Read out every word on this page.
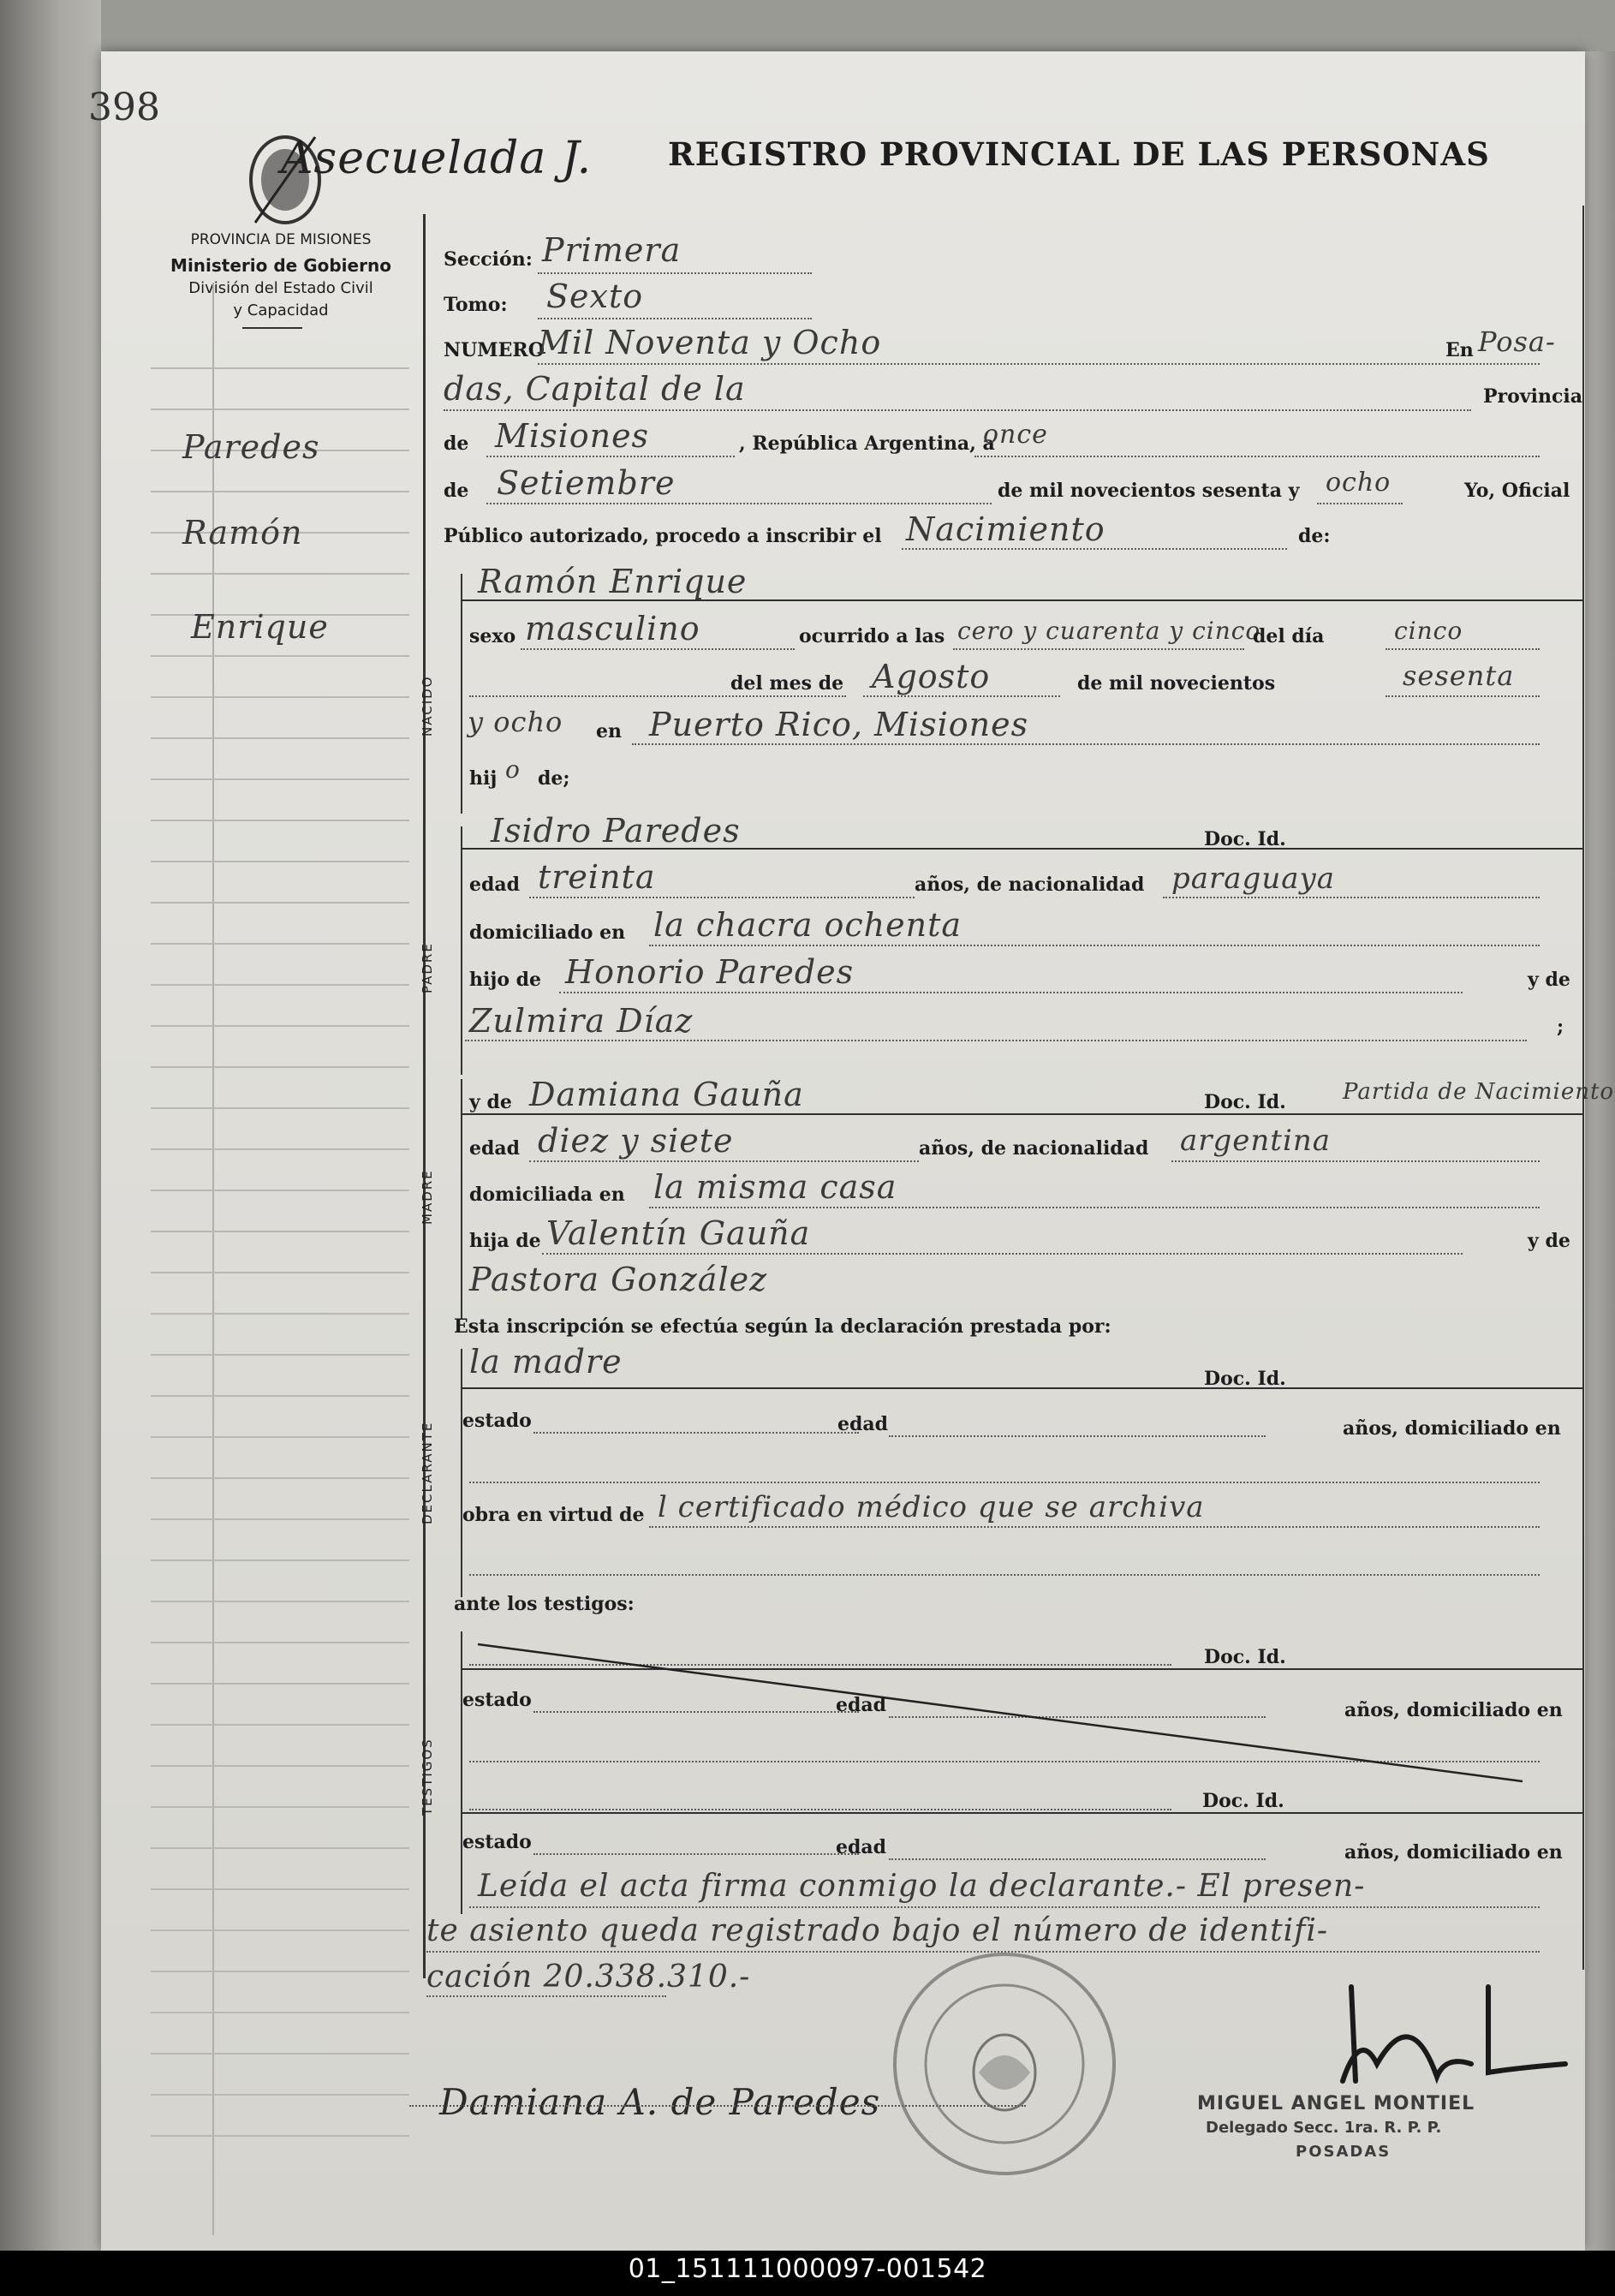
398
Asecuelada J. REGISTRO PROVINCIAL DE LAS PERSONAS
PROVINCIA DE MISIONES
Ministerio de Gobierno
División del Estado Civil
y Capacidad
Paredes
Ramón
Enrique
Sección: Primera
Tomo: Sexto
NUMERO
Mil Noventa y Ocho	En Posa-
das, Capital de la	Provincia
de Misiones	, República Argentina, a
once
de Setiembre	de mil novecientos sesenta y ocho	Yo, Oficial
Público autorizado, procedo a inscribir el Nacimiento	de:
NACIDO
Ramón Enrique
sexo masculino	ocurrido a las cero y cuarenta y cinco
del día	cinco
del mes de Agosto	de mil novecientos	sesenta
y ocho en Puerto Rico, Misiones
hij o de;
PADRE
Isidro Paredes	Doc. Id.
edad treinta	años, de nacionalidad paraguaya
domiciliado en la chacra ochenta
hijo de Honorio Paredes	y de
Zulmira Díaz	;
MADRE
y de Damiana Gauña	Doc. Id.	Partida de Nacimiento
edad diez y siete	años, de nacionalidad argentina
domiciliada en la misma casa
hija de Valentín Gauña	y de
Pastora González
Esta inscripción se efectúa según la declaración prestada por:
DECLARANTE
la madre	Doc. Id.
estado	edad	años, domiciliado en
obra en virtud de l certificado médico que se archiva
ante los testigos:
TESTIGOS
Doc. Id.
estado	edad	años, domiciliado en
Doc. Id.
estado	edad	años, domiciliado en
Leída el acta firma conmigo la declarante.- El presen-
te asiento queda registrado bajo el número de identifi-
cación 20.338.310.-
Damiana A. de Paredes	MIGUEL ANGEL MONTIEL
Delegado Secc. 1ra. R. P. P.
POSADAS
01_151111000097-001542
